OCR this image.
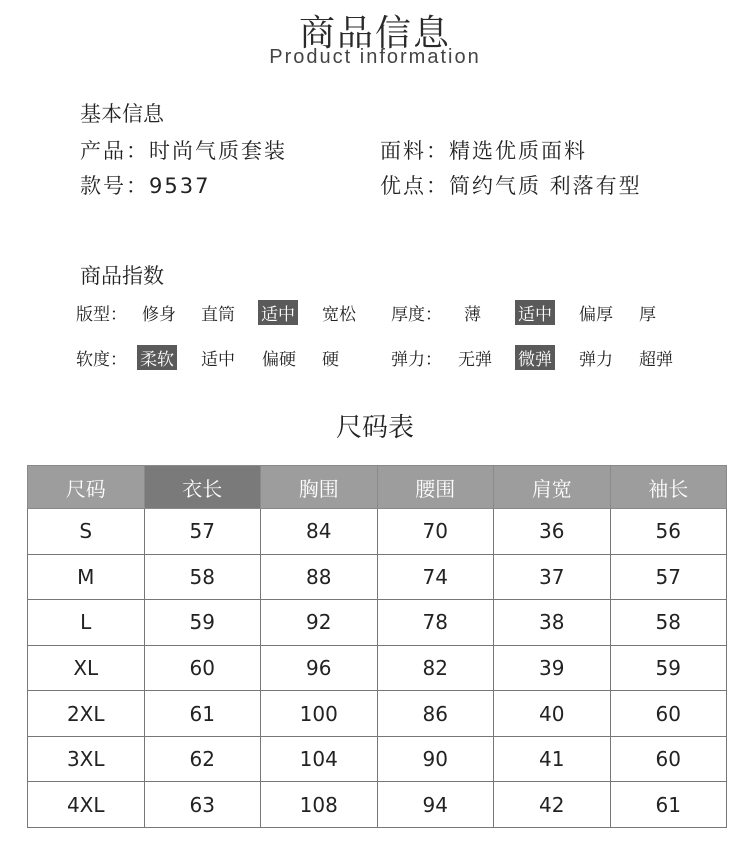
商品信息
Product information
基本信息
产品：时尚气质套装	面料：精选优质面料
款号：9537	优点：简约气质 利落有型
商品指数
版型： 修身 直筒 适中 宽松 厚度： 薄 适中 偏厚 厚
软度： 柔软 适中 偏硬 硬	弹力： 无弹 微弹 弹力 超弹
尺码表
尺码	衣长	胸围	腰围	肩宽	袖长
S	57	84	70	36	56
M	58	88	74	37	57
L	59	92	78	38	58
XL	60	96	82	39	59
2XL	61	100	86	40	60
3XL	62	104	90	41	60
4XL	63	108	94	42	61
